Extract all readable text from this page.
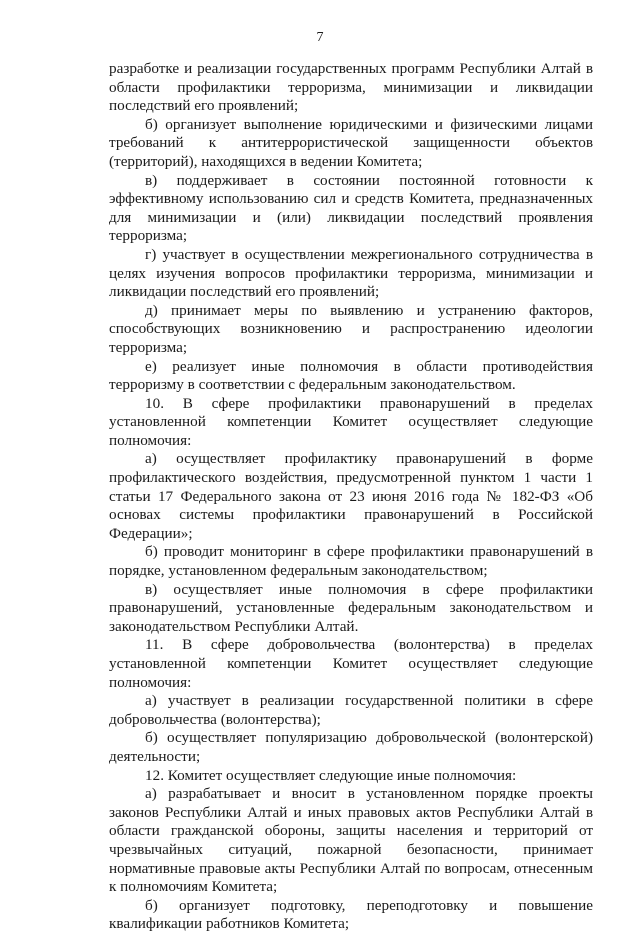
7

разработке и реализации государственных программ Республики Алтай в области профилактики терроризма, минимизации и ликвидации последствий его проявлений;

б) организует выполнение юридическими и физическими лицами требований к антитеррористической защищенности объектов (территорий), находящихся в ведении Комитета;

в) поддерживает в состоянии постоянной готовности к эффективному использованию сил и средств Комитета, предназначенных для минимизации и (или) ликвидации последствий проявления терроризма;

г) участвует в осуществлении межрегионального сотрудничества в целях изучения вопросов профилактики терроризма, минимизации и ликвидации последствий его проявлений;

д) принимает меры по выявлению и устранению факторов, способствующих возникновению и распространению идеологии терроризма;

е) реализует иные полномочия в области противодействия терроризму в соответствии с федеральным законодательством.

10. В сфере профилактики правонарушений в пределах установленной компетенции Комитет осуществляет следующие полномочия:

а) осуществляет профилактику правонарушений в форме профилактического воздействия, предусмотренной пунктом 1 части 1 статьи 17 Федерального закона от 23 июня 2016 года № 182-ФЗ «Об основах системы профилактики правонарушений в Российской Федерации»;

б) проводит мониторинг в сфере профилактики правонарушений в порядке, установленном федеральным законодательством;

в) осуществляет иные полномочия в сфере профилактики правонарушений, установленные федеральным законодательством и законодательством Республики Алтай.

11. В сфере добровольчества (волонтерства) в пределах установленной компетенции Комитет осуществляет следующие полномочия:

а) участвует в реализации государственной политики в сфере добровольчества (волонтерства);

б) осуществляет популяризацию добровольческой (волонтерской) деятельности;

12. Комитет осуществляет следующие иные полномочия:

а) разрабатывает и вносит в установленном порядке проекты законов Республики Алтай и иных правовых актов Республики Алтай в области гражданской обороны, защиты населения и территорий от чрезвычайных ситуаций, пожарной безопасности, принимает нормативные правовые акты Республики Алтай по вопросам, отнесенным к полномочиям Комитета;

б) организует подготовку, переподготовку и повышение квалификации работников Комитета;
